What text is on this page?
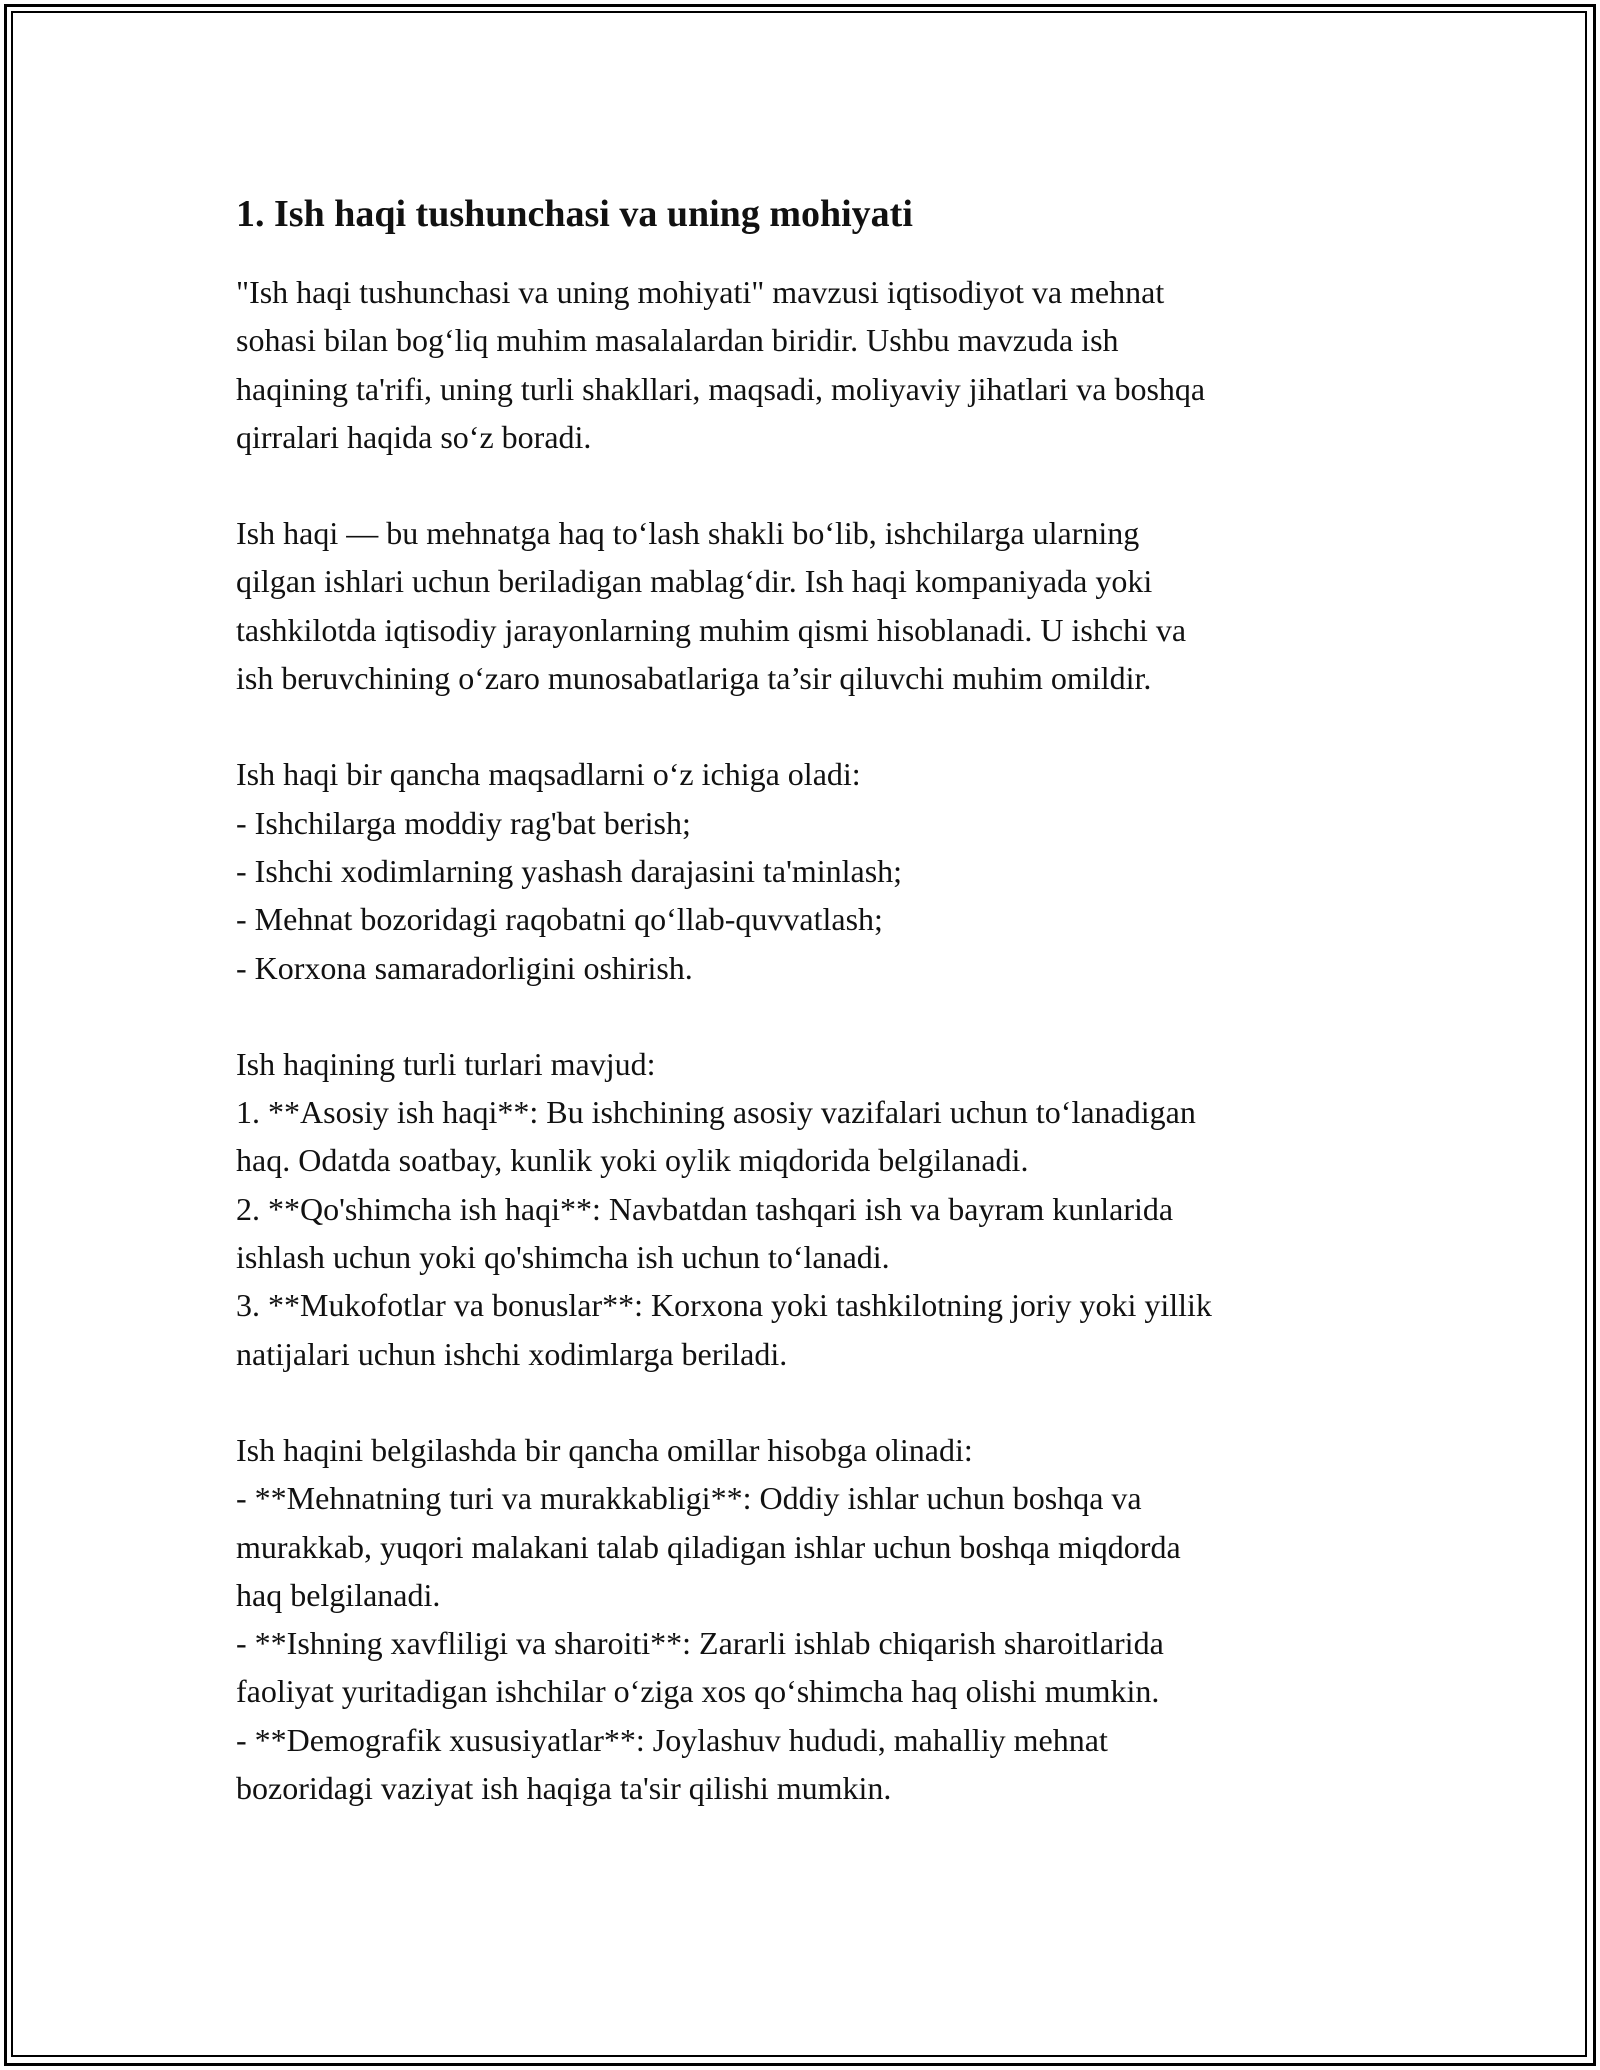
1. Ish haqi tushunchasi va uning mohiyati
"Ish haqi tushunchasi va uning mohiyati" mavzusi iqtisodiyot va mehnat
sohasi bilan bog‘liq muhim masalalardan biridir. Ushbu mavzuda ish
haqining ta'rifi, uning turli shakllari, maqsadi, moliyaviy jihatlari va boshqa
qirralari haqida so‘z boradi.
Ish haqi — bu mehnatga haq to‘lash shakli bo‘lib, ishchilarga ularning
qilgan ishlari uchun beriladigan mablag‘dir. Ish haqi kompaniyada yoki
tashkilotda iqtisodiy jarayonlarning muhim qismi hisoblanadi. U ishchi va
ish beruvchining o‘zaro munosabatlariga ta’sir qiluvchi muhim omildir.
Ish haqi bir qancha maqsadlarni o‘z ichiga oladi:
- Ishchilarga moddiy rag'bat berish;
- Ishchi xodimlarning yashash darajasini ta'minlash;
- Mehnat bozoridagi raqobatni qo‘llab-quvvatlash;
- Korxona samaradorligini oshirish.
Ish haqining turli turlari mavjud:
1. **Asosiy ish haqi**: Bu ishchining asosiy vazifalari uchun to‘lanadigan
haq. Odatda soatbay, kunlik yoki oylik miqdorida belgilanadi.
2. **Qo'shimcha ish haqi**: Navbatdan tashqari ish va bayram kunlarida
ishlash uchun yoki qo'shimcha ish uchun to‘lanadi.
3. **Mukofotlar va bonuslar**: Korxona yoki tashkilotning joriy yoki yillik
natijalari uchun ishchi xodimlarga beriladi.
Ish haqini belgilashda bir qancha omillar hisobga olinadi:
- **Mehnatning turi va murakkabligi**: Oddiy ishlar uchun boshqa va
murakkab, yuqori malakani talab qiladigan ishlar uchun boshqa miqdorda
haq belgilanadi.
- **Ishning xavfliligi va sharoiti**: Zararli ishlab chiqarish sharoitlarida
faoliyat yuritadigan ishchilar o‘ziga xos qo‘shimcha haq olishi mumkin.
- **Demografik xususiyatlar**: Joylashuv hududi, mahalliy mehnat
bozoridagi vaziyat ish haqiga ta'sir qilishi mumkin.
